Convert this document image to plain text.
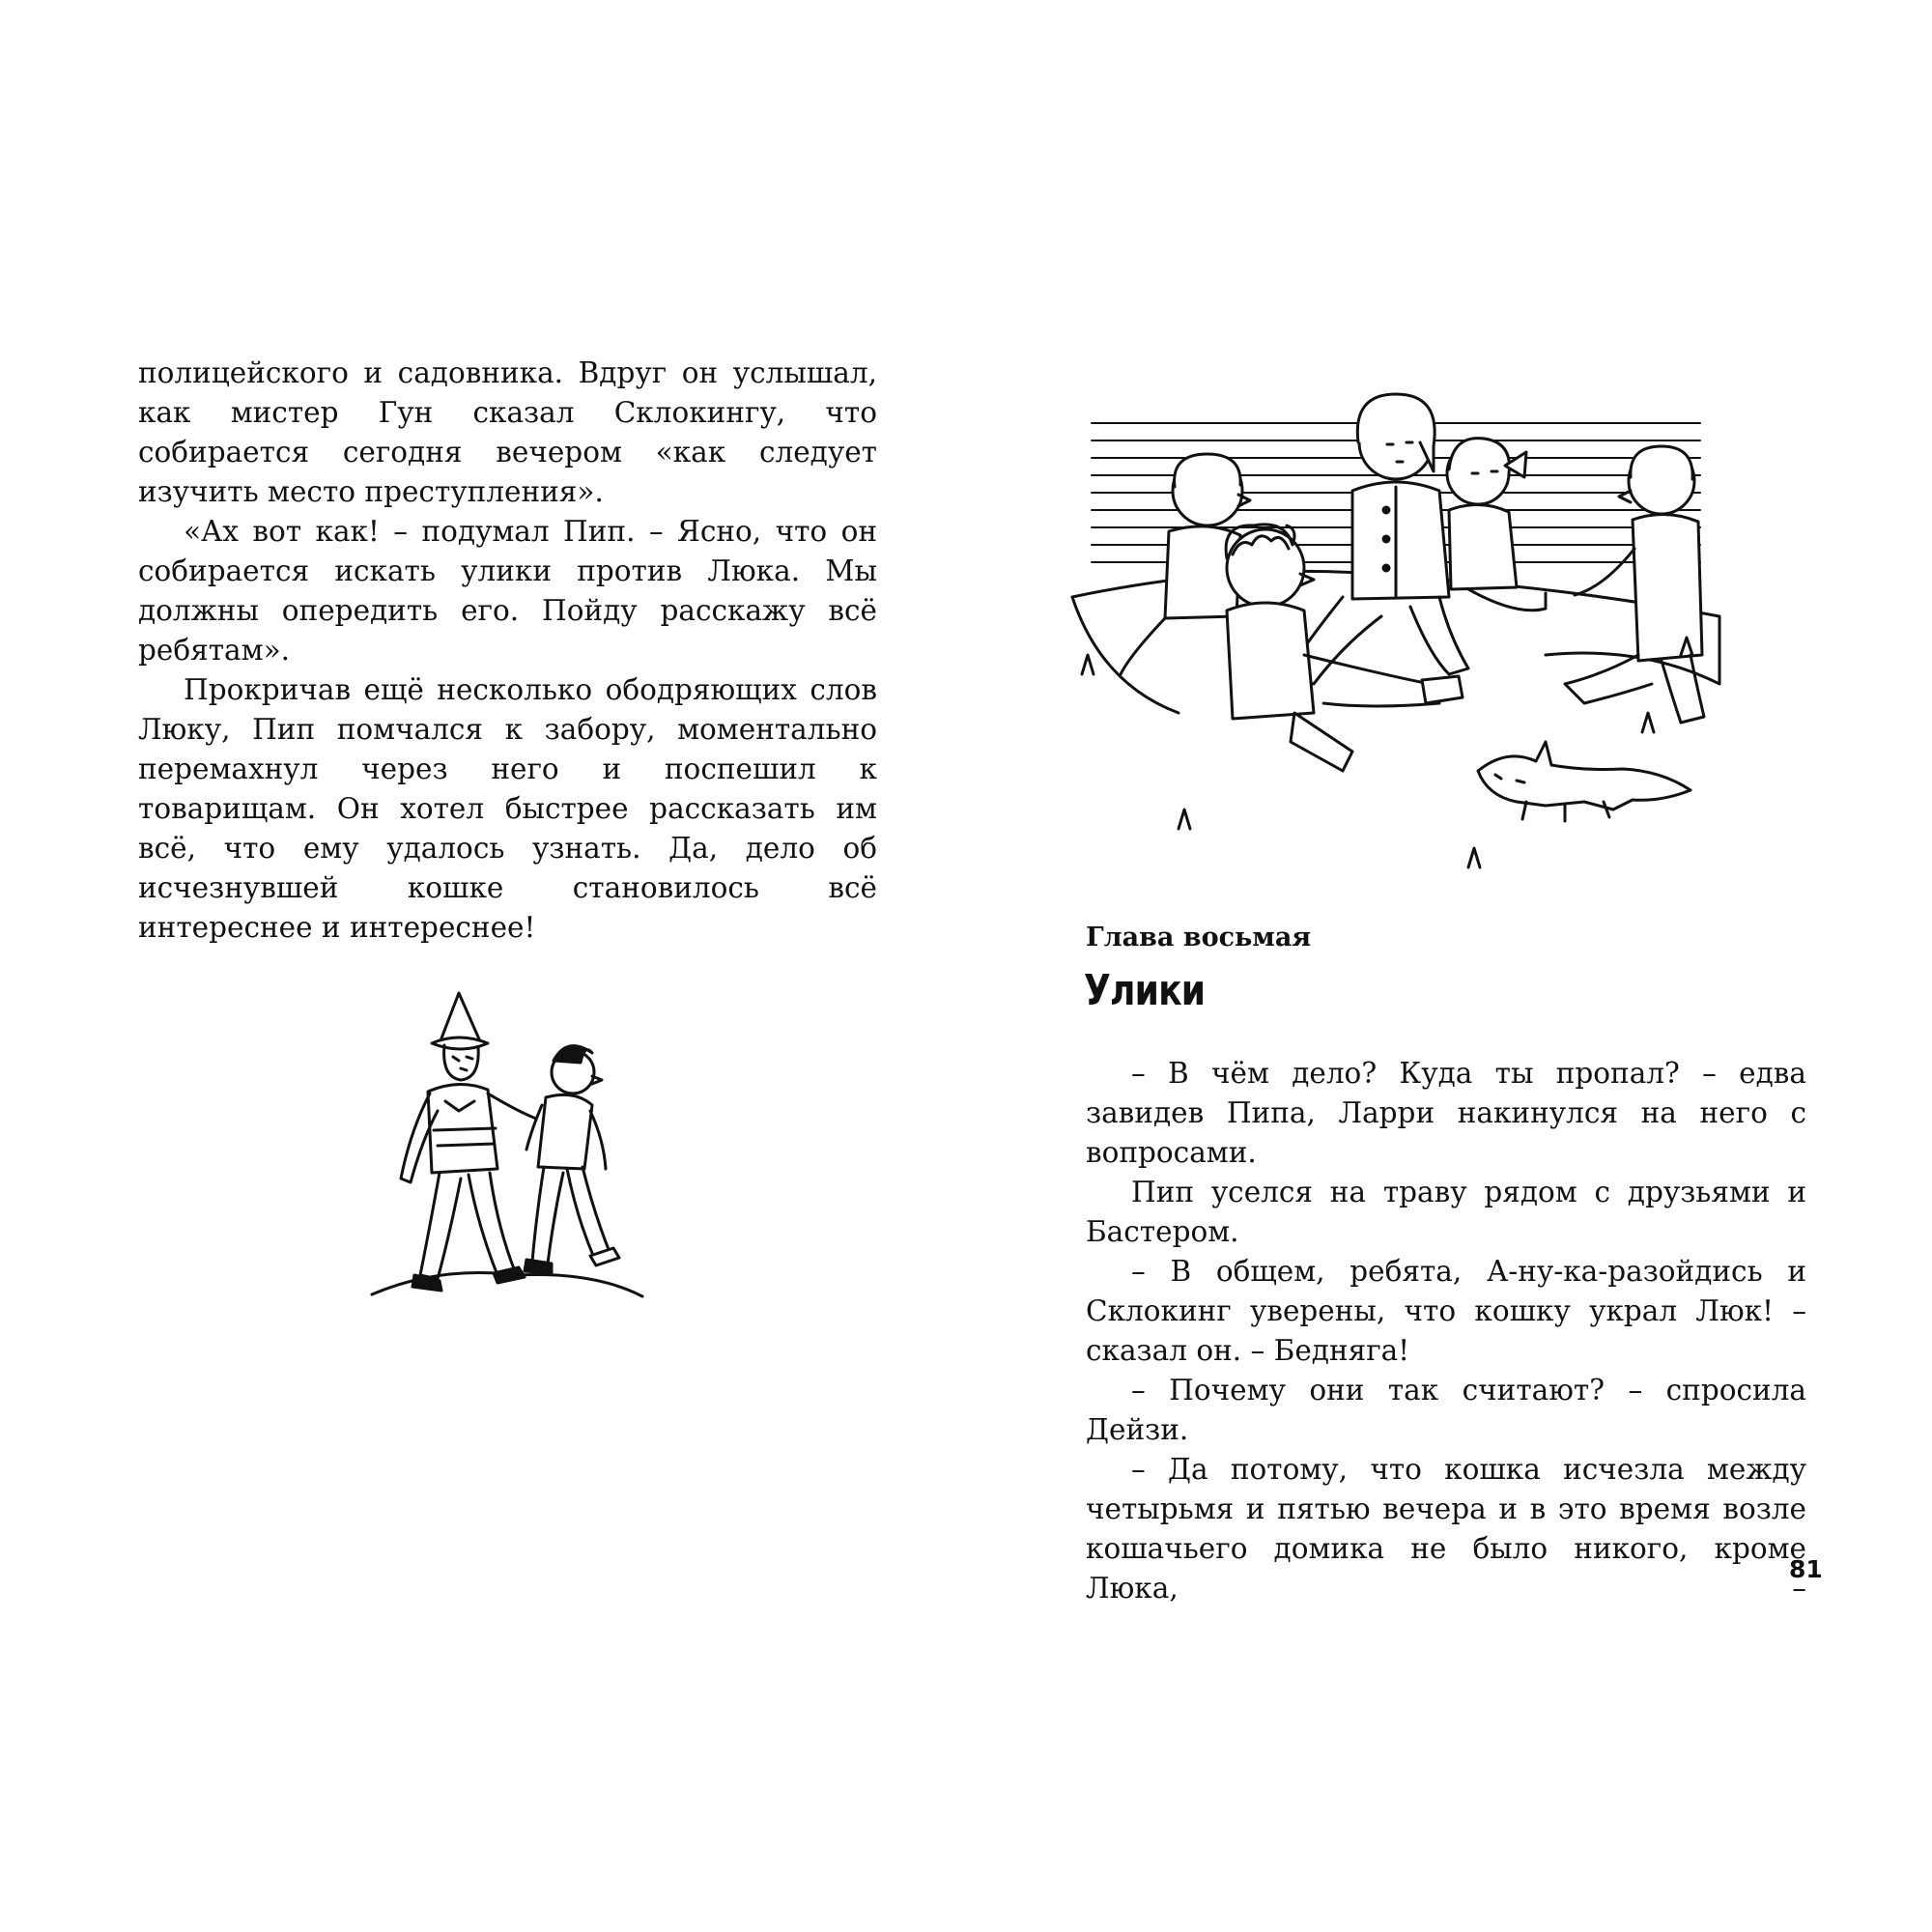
полицейского и садовника. Вдруг он услышал, как мистер Гун сказал Склокингу, что собирается сегодня вечером «как следует изучить место преступления».

«Ах вот как! – подумал Пип. – Ясно, что он собирается искать улики против Люка. Мы должны опередить его. Пойду расскажу всё ребятам».

Прокричав ещё несколько ободряющих слов Люку, Пип помчался к забору, моментально перемахнул через него и поспешил к товарищам. Он хотел быстрее рассказать им всё, что ему удалось узнать. Да, дело об исчезнувшей кошке становилось всё интереснее и интереснее!	Глава восьмая
Улики

– В чём дело? Куда ты пропал? – едва завидев Пипа, Ларри накинулся на него с вопросами.

Пип уселся на траву рядом с друзьями и Бастером.

– В общем, ребята, А-ну-ка-разойдись и Склокинг уверены, что кошку украл Люк! – сказал он. – Бедняга!

– Почему они так считают? – спросила Дейзи.

– Да потому, что кошка исчезла между четырьмя и пятью вечера и в это время возле кошачьего домика не было никого, кроме Люка, –

81
